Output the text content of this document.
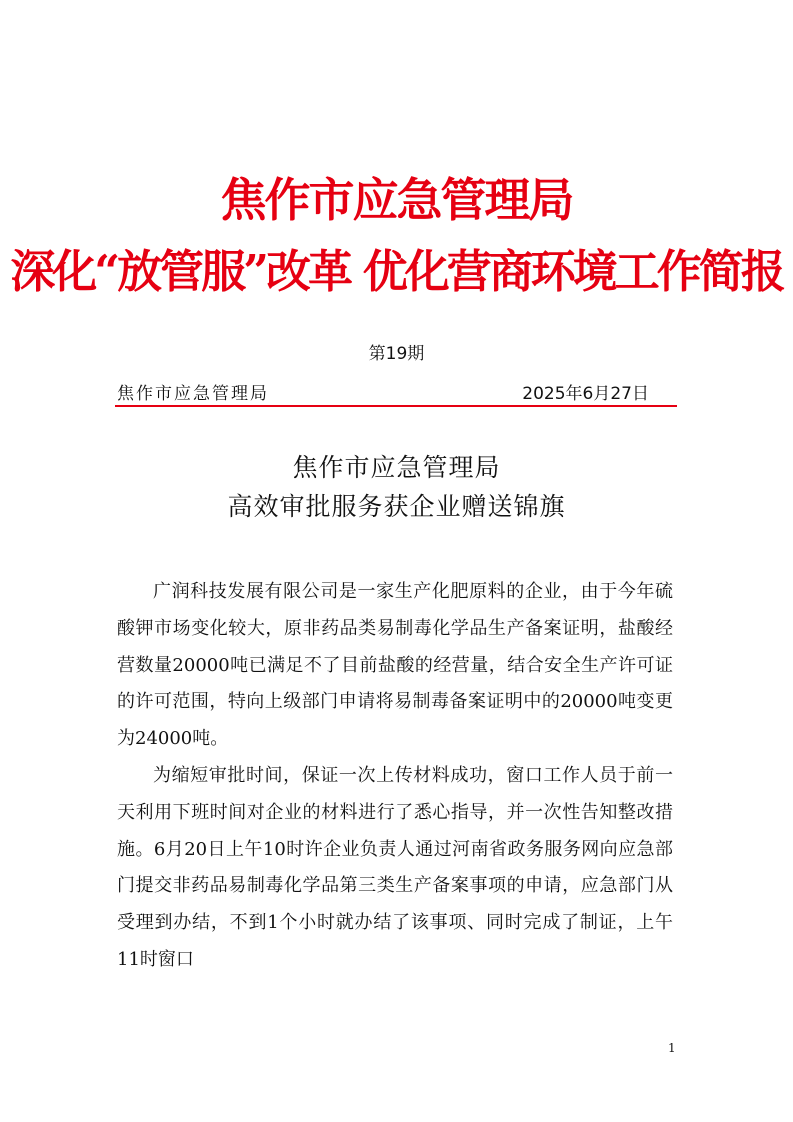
焦作市应急管理局
深化“放管服”改革 优化营商环境工作简报
第19期
焦作市应急管理局	2025年6月27日
焦作市应急管理局
高效审批服务获企业赠送锦旗

广润科技发展有限公司是一家生产化肥原料的企业，由于今年硫酸钾市场变化较大，原非药品类易制毒化学品生产备案证明，盐酸经营数量20000吨已满足不了目前盐酸的经营量，结合安全生产许可证的许可范围，特向上级部门申请将易制毒备案证明中的20000吨变更为24000吨。

为缩短审批时间，保证一次上传材料成功，窗口工作人员于前一天利用下班时间对企业的材料进行了悉心指导，并一次性告知整改措施。6月20日上午10时许企业负责人通过河南省政务服务网向应急部门提交非药品易制毒化学品第三类生产备案事项的申请，应急部门从受理到办结，不到1个小时就办结了该事项、同时完成了制证，上午 11时窗口

1
